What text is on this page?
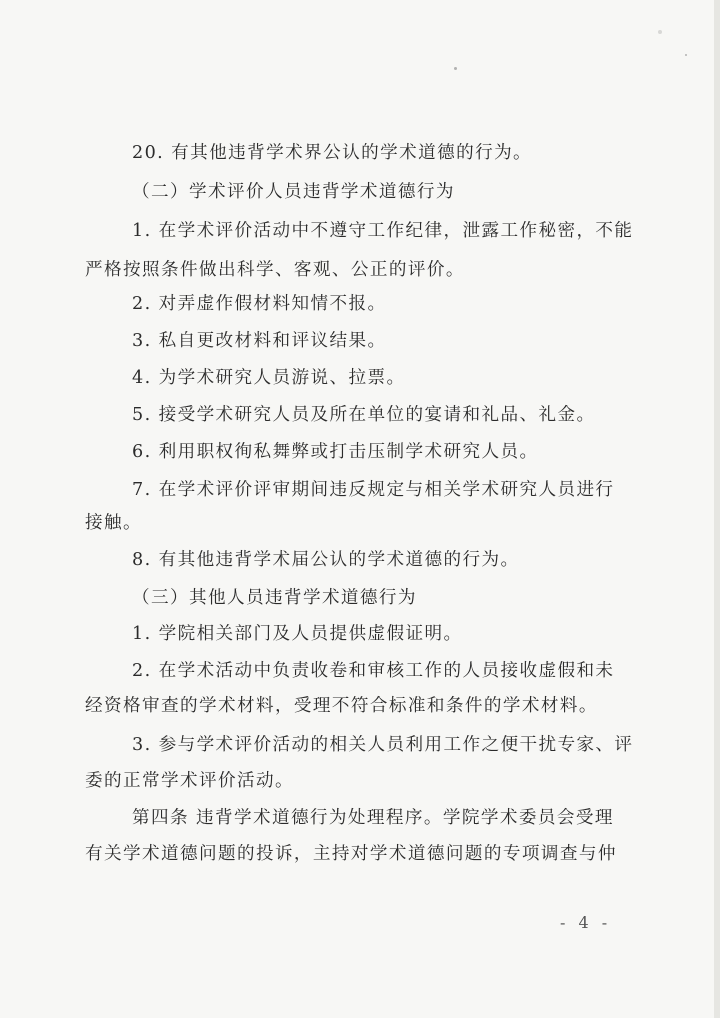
20. 有其他违背学术界公认的学术道德的行为。
（二）学术评价人员违背学术道德行为
1. 在学术评价活动中不遵守工作纪律，泄露工作秘密，不能
严格按照条件做出科学、客观、公正的评价。
2. 对弄虚作假材料知情不报。
3. 私自更改材料和评议结果。
4. 为学术研究人员游说、拉票。
5. 接受学术研究人员及所在单位的宴请和礼品、礼金。
6. 利用职权徇私舞弊或打击压制学术研究人员。
7. 在学术评价评审期间违反规定与相关学术研究人员进行
接触。
8. 有其他违背学术届公认的学术道德的行为。
（三）其他人员违背学术道德行为
1. 学院相关部门及人员提供虚假证明。
2. 在学术活动中负责收卷和审核工作的人员接收虚假和未
经资格审查的学术材料，受理不符合标准和条件的学术材料。
3. 参与学术评价活动的相关人员利用工作之便干扰专家、评
委的正常学术评价活动。
第四条 违背学术道德行为处理程序。学院学术委员会受理
有关学术道德问题的投诉，主持对学术道德问题的专项调查与仲
- 4 -
